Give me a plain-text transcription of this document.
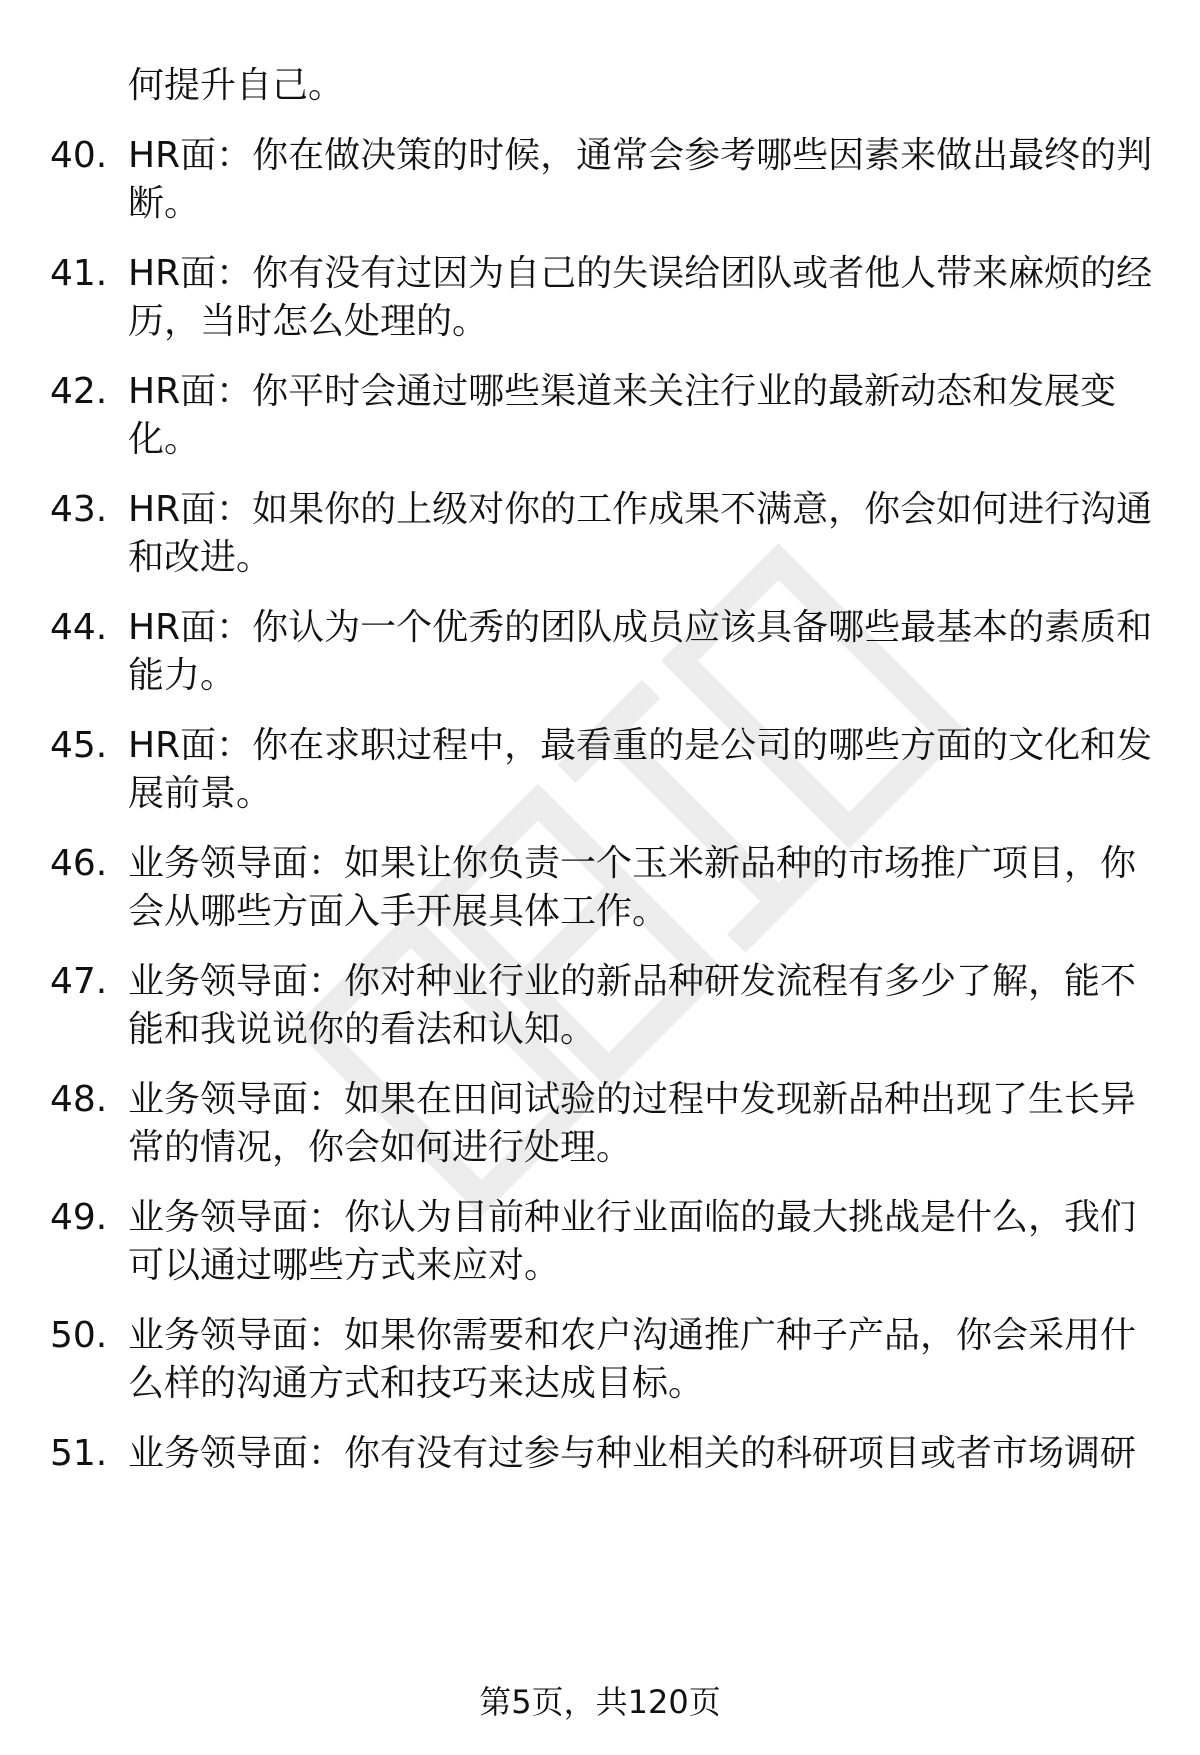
何提升自己。
40. HR面：你在做决策的时候，通常会参考哪些因素来做出最终的判
断。
41. HR面：你有没有过因为自己的失误给团队或者他人带来麻烦的经
历，当时怎么处理的。
42. HR面：你平时会通过哪些渠道来关注行业的最新动态和发展变
化。
43. HR面：如果你的上级对你的工作成果不满意，你会如何进行沟通
和改进。
44. HR面：你认为一个优秀的团队成员应该具备哪些最基本的素质和
能力。
45. HR面：你在求职过程中，最看重的是公司的哪些方面的文化和发
展前景。
46. 业务领导面：如果让你负责一个玉米新品种的市场推广项目，你
会从哪些方面入手开展具体工作。
47. 业务领导面：你对种业行业的新品种研发流程有多少了解，能不
能和我说说你的看法和认知。
48. 业务领导面：如果在田间试验的过程中发现新品种出现了生长异
常的情况，你会如何进行处理。
49. 业务领导面：你认为目前种业行业面临的最大挑战是什么，我们
可以通过哪些方式来应对。
50. 业务领导面：如果你需要和农户沟通推广种子产品，你会采用什
么样的沟通方式和技巧来达成目标。
51. 业务领导面：你有没有过参与种业相关的科研项目或者市场调研
第5页，共120页
